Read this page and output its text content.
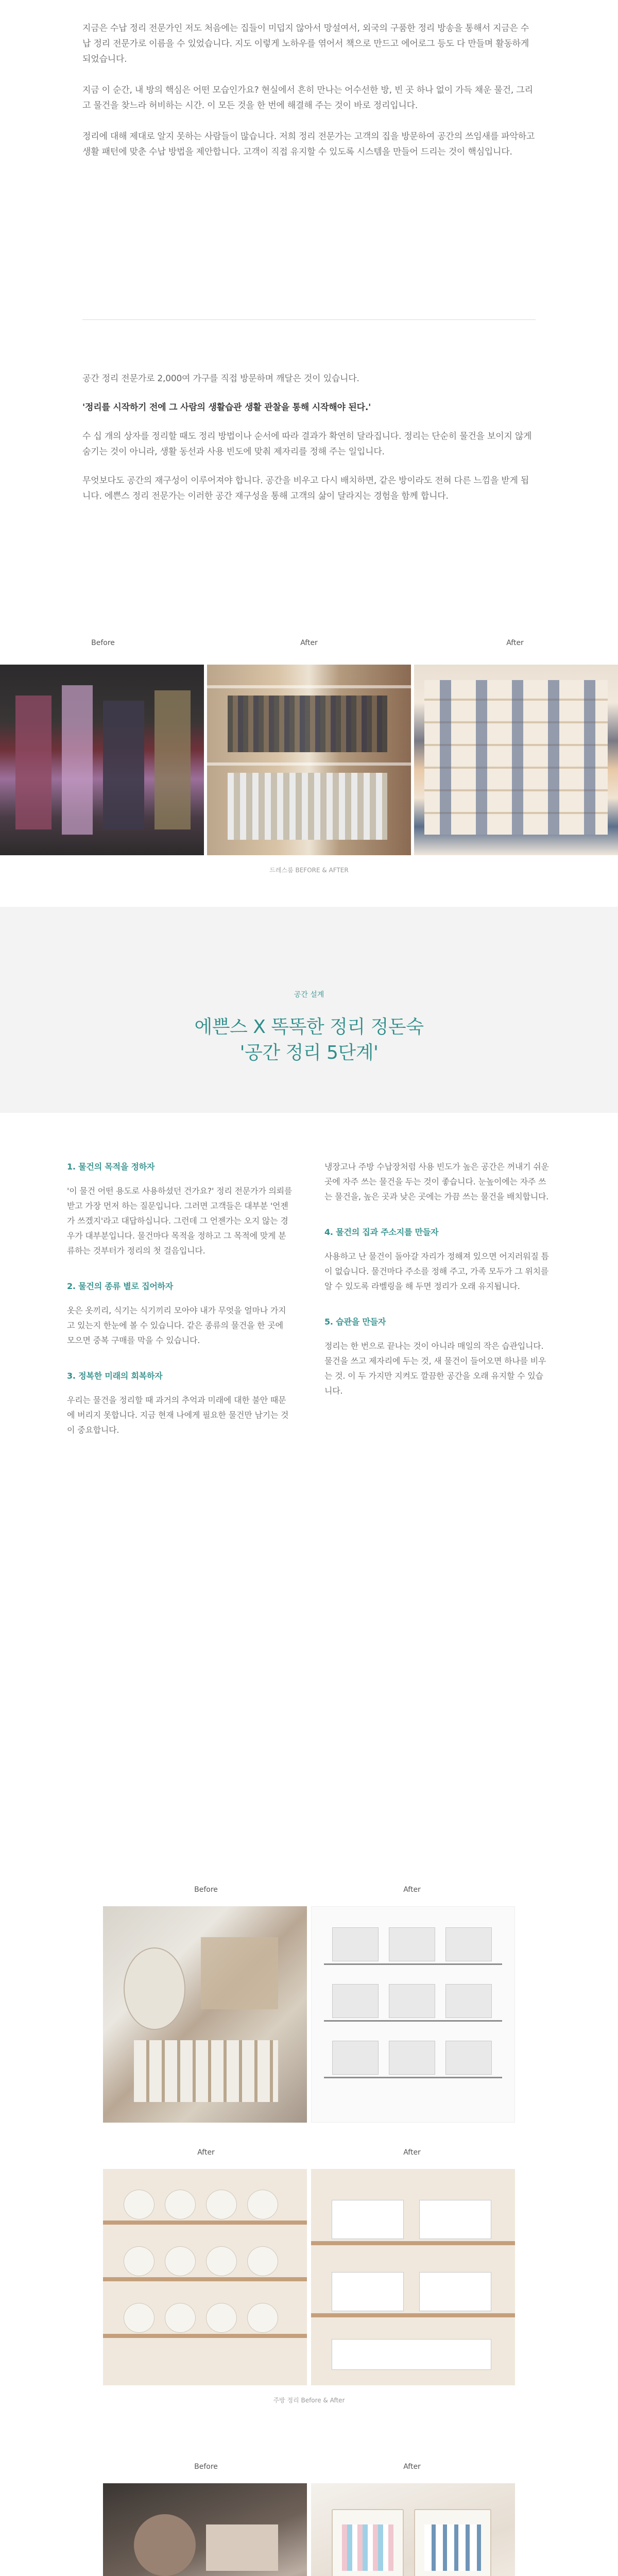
지금은 수납 정리 전문가인 저도 처음에는 집들이 미덥지 않아서 망설여서, 외국의 구품한 정리 방송을 통해서 지금은 수납 정리 전문가로 이름을 수 있었습니다. 지도 이렇게 노하우를 엮어서 책으로 만드고 에어로그 등도 다 만들며 활동하게 되었습니다.

지금 이 순간, 내 방의 핵심은 어떤 모습인가요? 현실에서 흔히 만나는 어수선한 방, 빈 곳 하나 없이 가득 채운 물건, 그리고 물건을 찾느라 허비하는 시간. 이 모든 것을 한 번에 해결해 주는 것이 바로 정리입니다.

정리에 대해 제대로 알지 못하는 사람들이 많습니다. 저희 정리 전문가는 고객의 집을 방문하여 공간의 쓰임새를 파악하고 생활 패턴에 맞춘 수납 방법을 제안합니다. 고객이 직접 유지할 수 있도록 시스템을 만들어 드리는 것이 핵심입니다.

공간 정리 전문가로 2,000여 가구를 직접 방문하며 깨달은 것이 있습니다.

'정리를 시작하기 전에 그 사람의 생활습관 생활 관찰을 통해 시작해야 된다.'

수 십 개의 상자를 정리할 때도 정리 방법이나 순서에 따라 결과가 확연히 달라집니다. 정리는 단순히 물건을 보이지 않게 숨기는 것이 아니라, 생활 동선과 사용 빈도에 맞춰 제자리를 정해 주는 일입니다.

무엇보다도 공간의 재구성이 이루어져야 합니다. 공간을 비우고 다시 배치하면, 같은 방이라도 전혀 다른 느낌을 받게 됩니다. 에쁜스 정리 전문가는 이러한 공간 재구성을 통해 고객의 삶이 달라지는 경험을 함께 합니다.

Before	After	After
드레스룸 BEFORE & AFTER
공간 설계
에쁜스 X 똑똑한 정리 정돈숙
'공간 정리 5단계'
1. 물건의 목적을 정하자
'이 물건 어떤 용도로 사용하셨던 건가요?' 정리 전문가가 의뢰를 받고 가장 먼저 하는 질문입니다. 그러면 고객들은 대부분 '언젠가 쓰겠지'라고 대답하십니다. 그런데 그 언젠가는 오지 않는 경우가 대부분입니다. 물건마다 목적을 정하고 그 목적에 맞게 분류하는 것부터가 정리의 첫 걸음입니다.
2. 물건의 종류 별로 집어하자
옷은 옷끼리, 식기는 식기끼리 모아야 내가 무엇을 얼마나 가지고 있는지 한눈에 볼 수 있습니다. 같은 종류의 물건을 한 곳에 모으면 중복 구매를 막을 수 있습니다.
3. 정복한 미래의 회복하자
우리는 물건을 정리할 때 과거의 추억과 미래에 대한 불안 때문에 버리지 못합니다. 지금 현재 나에게 필요한 물건만 남기는 것이 중요합니다.
냉장고나 주방 수납장처럼 사용 빈도가 높은 공간은 꺼내기 쉬운 곳에 자주 쓰는 물건을 두는 것이 좋습니다. 눈높이에는 자주 쓰는 물건을, 높은 곳과 낮은 곳에는 가끔 쓰는 물건을 배치합니다.
4. 물건의 집과 주소지를 만들자
사용하고 난 물건이 돌아갈 자리가 정해져 있으면 어지러워질 틈이 없습니다. 물건마다 주소를 정해 주고, 가족 모두가 그 위치를 알 수 있도록 라벨링을 해 두면 정리가 오래 유지됩니다.
5. 습관을 만들자
정리는 한 번으로 끝나는 것이 아니라 매일의 작은 습관입니다. 물건을 쓰고 제자리에 두는 것, 새 물건이 들어오면 하나를 비우는 것. 이 두 가지만 지켜도 깔끔한 공간을 오래 유지할 수 있습니다.
Before	After
After	After
주방 정리 Before & After
Before	After
